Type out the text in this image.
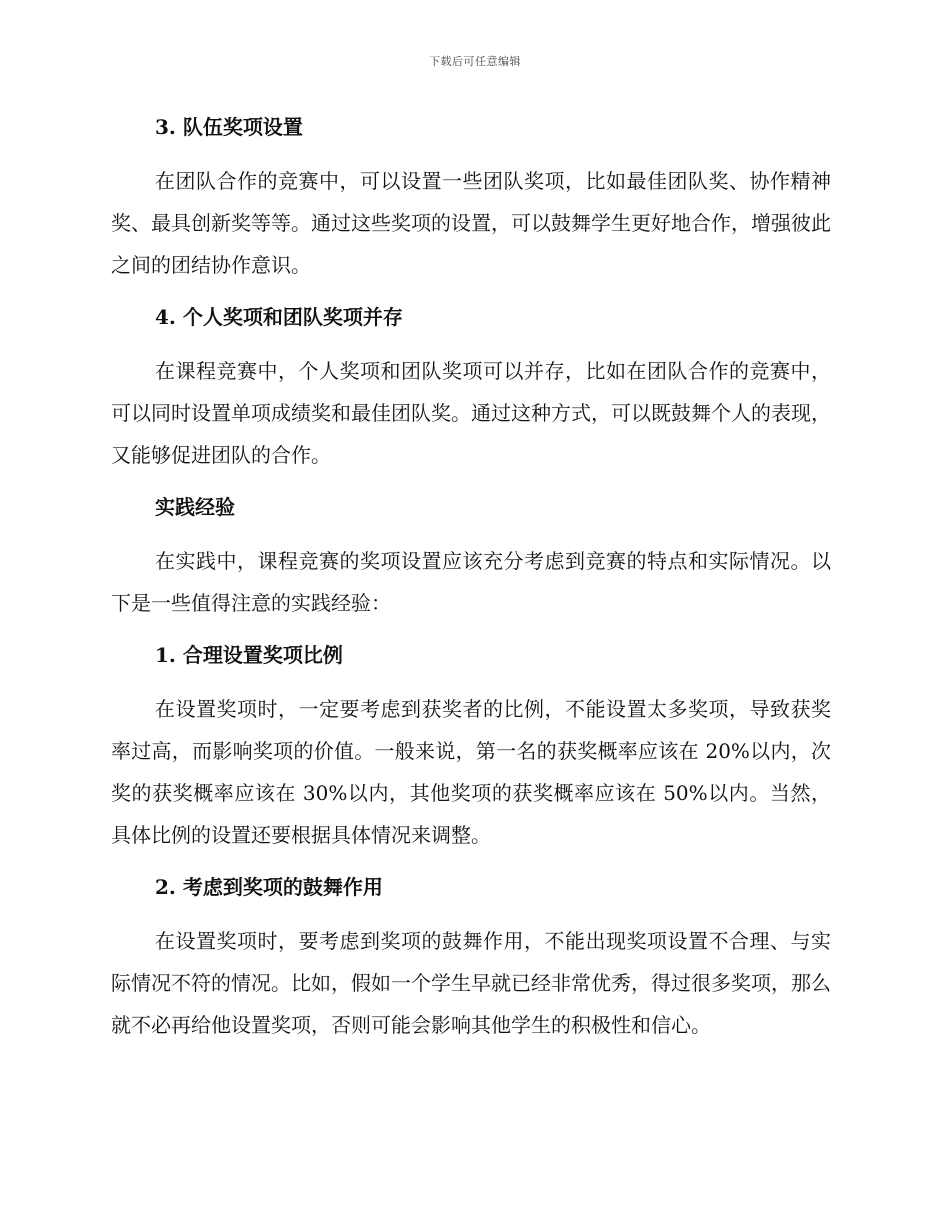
下载后可任意编辑
3. 队伍奖项设置

在团队合作的竞赛中，可以设置一些团队奖项，比如最佳团队奖、协作精神奖、最具创新奖等等。通过这些奖项的设置，可以鼓舞学生更好地合作，增强彼此之间的团结协作意识。

4. 个人奖项和团队奖项并存

在课程竞赛中，个人奖项和团队奖项可以并存，比如在团队合作的竞赛中，可以同时设置单项成绩奖和最佳团队奖。通过这种方式，可以既鼓舞个人的表现，又能够促进团队的合作。

实践经验

在实践中，课程竞赛的奖项设置应该充分考虑到竞赛的特点和实际情况。以下是一些值得注意的实践经验：

1. 合理设置奖项比例

在设置奖项时，一定要考虑到获奖者的比例，不能设置太多奖项，导致获奖率过高，而影响奖项的价值。一般来说，第一名的获奖概率应该在 20%以内，次奖的获奖概率应该在 30%以内，其他奖项的获奖概率应该在 50%以内。当然，具体比例的设置还要根据具体情况来调整。

2. 考虑到奖项的鼓舞作用

在设置奖项时，要考虑到奖项的鼓舞作用，不能出现奖项设置不合理、与实际情况不符的情况。比如，假如一个学生早就已经非常优秀，得过很多奖项，那么就不必再给他设置奖项，否则可能会影响其他学生的积极性和信心。
